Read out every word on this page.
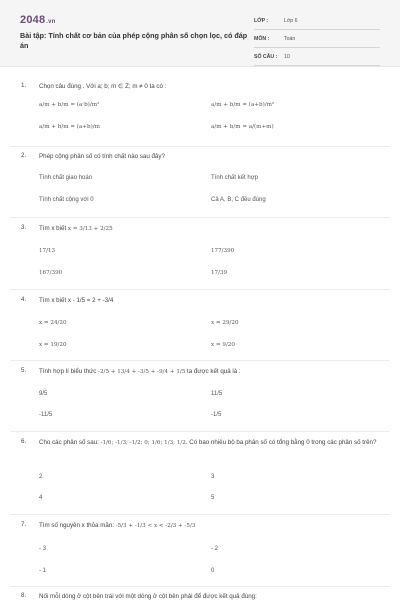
2048.vn
Bài tập: Tính chất cơ bản của phép cộng phân số chọn lọc, có đáp án
LỚP :	Lớp 6
MÔN :	Toán
SỐ CÂU : 10
1.	Chọn câu đúng . Với a; b; m ∈ Z; m ≠ 0 ta có :
a/m + b/m = (a·b)/m²	a/m + b/m = (a+b)/m²
a/m + b/m = (a+b)/m	a/m + b/m = a/(m+m)
2.	Phép cộng phân số có tính chất nào sau đây?
Tính chất giao hoán	Tính chất kết hợp
Tính chất cộng với 0	Cả A, B, C đều đúng
3.	Tìm x biết x = 3/13 + 2/25
17/13	177/390
167/390	17/39
4.	Tìm x biết x - 1/5 = 2 + -3/4
x = 24/20	x = 29/20
x = 19/20	x = 9/20
5.	Tính hợp lí biểu thức -2/5 + 13/4 + -3/5 + -9/4 + 1/5 ta được kết quả là :
9/5	11/5
-11/5	-1/5
6.	Cho các phân số sau: -1/6; -1/3; -1/2; 0; 1/6; 1/3; 1/2. Có bao nhiêu bộ ba phân số có tổng bằng 0 trong các phân số trên?
2	3
4	5
7.	Tìm số nguyên x thỏa mãn: -5/3 + -1/3 < x < -2/3 + -5/3
- 3	- 2
- 1	0
8.	Nối mỗi dòng ở cột bên trái với một dòng ở cột bên phải để được kết quả đúng:
